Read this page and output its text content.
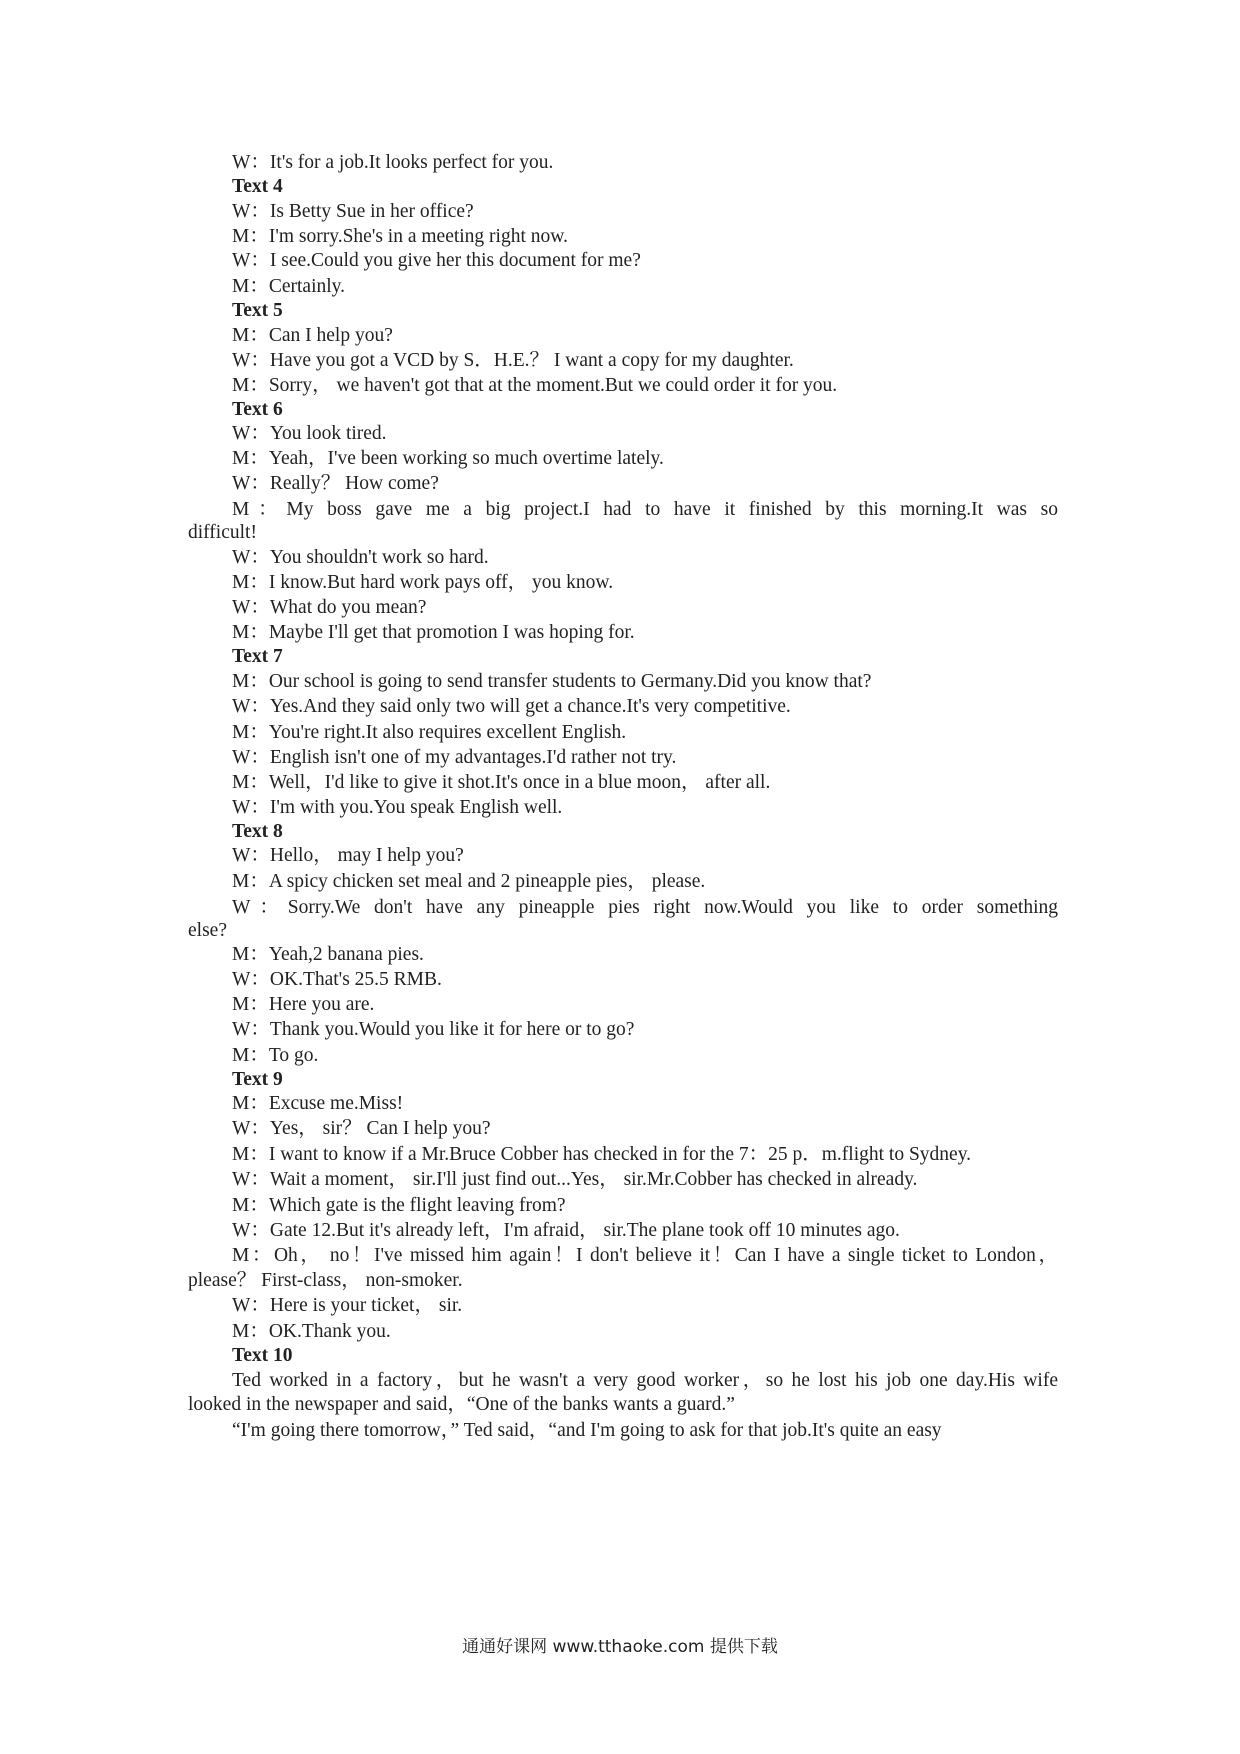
W：It's for a job.It looks perfect for you.
Text 4
W：Is Betty Sue in her office?
M：I'm sorry.She's in a meeting right now.
W：I see.Could you give her this document for me?
M：Certainly.
Text 5
M：Can I help you?
W：Have you got a VCD by S．H.E.？ I want a copy for my daughter.
M：Sorry， we haven't got that at the moment.But we could order it for you.
Text 6
W：You look tired.
M：Yeah，I've been working so much overtime lately.
W：Really？ How come?
M：My boss gave me a big project.I had to have it finished by this morning.It was so
difficult!
W：You shouldn't work so hard.
M：I know.But hard work pays off， you know.
W：What do you mean?
M：Maybe I'll get that promotion I was hoping for.
Text 7
M：Our school is going to send transfer students to Germany.Did you know that?
W：Yes.And they said only two will get a chance.It's very competitive.
M：You're right.It also requires excellent English.
W：English isn't one of my advantages.I'd rather not try.
M：Well，I'd like to give it shot.It's once in a blue moon， after all.
W：I'm with you.You speak English well.
Text 8
W：Hello， may I help you?
M：A spicy chicken set meal and 2 pineapple pies， please.
W：Sorry.We don't have any pineapple pies right now.Would you like to order something
else?
M：Yeah,2 banana pies.
W：OK.That's 25.5 RMB.
M：Here you are.
W：Thank you.Would you like it for here or to go?
M：To go.
Text 9
M：Excuse me.Miss!
W：Yes， sir？ Can I help you?
M：I want to know if a Mr.Bruce Cobber has checked in for the 7：25 p．m.flight to Sydney.
W：Wait a moment， sir.I'll just find out...Yes， sir.Mr.Cobber has checked in already.
M：Which gate is the flight leaving from?
W：Gate 12.But it's already left，I'm afraid， sir.The plane took off 10 minutes ago.
M：Oh， no！I've missed him again！I don't believe it！Can I have a single ticket to London，
please？ First-class， non-smoker.
W：Here is your ticket， sir.
M：OK.Thank you.
Text 10
Ted worked in a factory，but he wasn't a very good worker，so he lost his job one day.His wife
looked in the newspaper and said，“One of the banks wants a guard.”
“I'm going there tomorrow，” Ted said，“and I'm going to ask for that job.It's quite an easy
通通好课网 www.tthaoke.com 提供下载
